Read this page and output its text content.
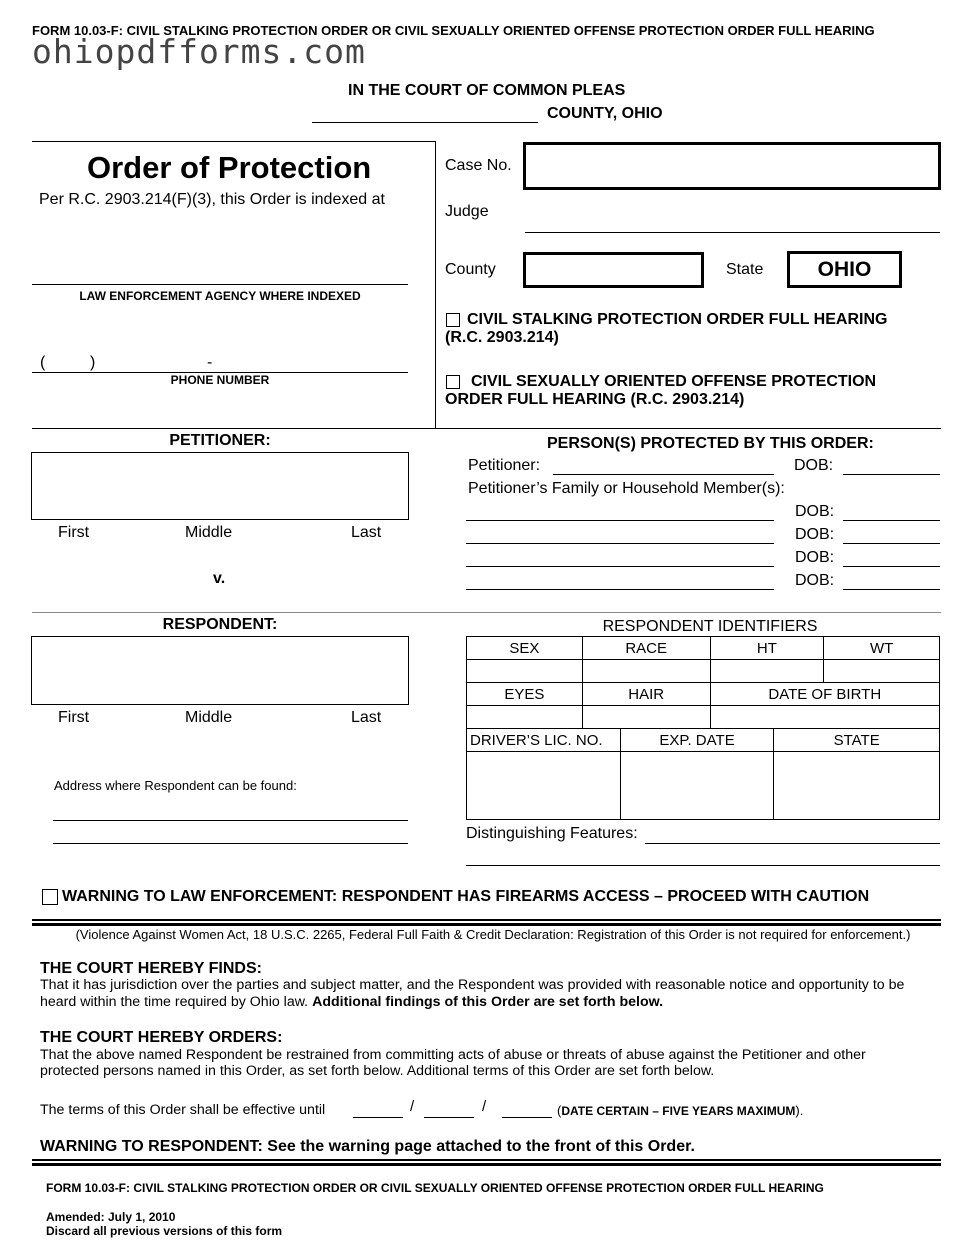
FORM 10.03-F: CIVIL STALKING PROTECTION ORDER OR CIVIL SEXUALLY ORIENTED OFFENSE PROTECTION ORDER FULL HEARING
ohiopdfforms.com
IN THE COURT OF COMMON PLEAS
COUNTY, OHIO
Order of Protection
Per R.C. 2903.214(F)(3), this Order is indexed at
LAW ENFORCEMENT AGENCY WHERE INDEXED
(	)	-
PHONE NUMBER
Case No.
Judge
County	State	OHIO
CIVIL STALKING PROTECTION ORDER FULL HEARING
(R.C. 2903.214)
CIVIL SEXUALLY ORIENTED OFFENSE PROTECTION
ORDER FULL HEARING (R.C. 2903.214)
PETITIONER:
First	Middle	Last
v.
PERSON(S) PROTECTED BY THIS ORDER:
Petitioner:	DOB:
Petitioner’s Family or Household Member(s):
DOB:
DOB:
DOB:
DOB:
RESPONDENT:
First	Middle	Last
Address where Respondent can be found:
RESPONDENT IDENTIFIERS
SEX	RACE	HT	WT

EYES	HAIR	DATE OF BIRTH	

DRIVER’S LIC. NO.	EXP. DATE	STATE

Distinguishing Features:
WARNING TO LAW ENFORCEMENT: RESPONDENT HAS FIREARMS ACCESS – PROCEED WITH CAUTION
(Violence Against Women Act, 18 U.S.C. 2265, Federal Full Faith & Credit Declaration: Registration of this Order is not required for enforcement.)
THE COURT HEREBY FINDS:
That it has jurisdiction over the parties and subject matter, and the Respondent was provided with reasonable notice and opportunity to be
heard within the time required by Ohio law. Additional findings of this Order are set forth below.
THE COURT HEREBY ORDERS:
That the above named Respondent be restrained from committing acts of abuse or threats of abuse against the Petitioner and other
protected persons named in this Order, as set forth below. Additional terms of this Order are set forth below.
The terms of this Order shall be effective until	/	/	(DATE CERTAIN – FIVE YEARS MAXIMUM).
WARNING TO RESPONDENT: See the warning page attached to the front of this Order.
FORM 10.03-F: CIVIL STALKING PROTECTION ORDER OR CIVIL SEXUALLY ORIENTED OFFENSE PROTECTION ORDER FULL HEARING
Amended: July 1, 2010
Discard all previous versions of this form
